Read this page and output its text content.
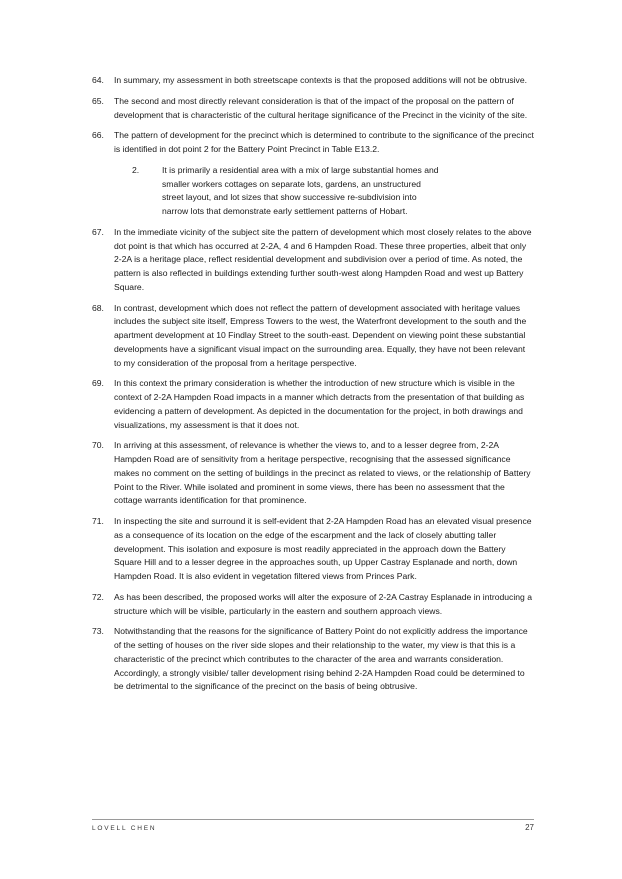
64.	In summary, my assessment in both streetscape contexts is that the proposed additions will not be obtrusive.
65.	The second and most directly relevant consideration is that of the impact of the proposal on the pattern of development that is characteristic of the cultural heritage significance of the Precinct in the vicinity of the site.
66.	The pattern of development for the precinct which is determined to contribute to the significance of the precinct is identified in dot point 2 for the Battery Point Precinct in Table E13.2.
2.	It is primarily a residential area with a mix of large substantial homes and smaller workers cottages on separate lots, gardens, an unstructured street layout, and lot sizes that show successive re-subdivision into narrow lots that demonstrate early settlement patterns of Hobart.
67.	In the immediate vicinity of the subject site the pattern of development which most closely relates to the above dot point is that which has occurred at 2-2A, 4 and 6 Hampden Road. These three properties, albeit that only 2-2A is a heritage place, reflect residential development and subdivision over a period of time. As noted, the pattern is also reflected in buildings extending further south-west along Hampden Road and west up Battery Square.
68.	In contrast, development which does not reflect the pattern of development associated with heritage values includes the subject site itself, Empress Towers to the west, the Waterfront development to the south and the apartment development at 10 Findlay Street to the south-east. Dependent on viewing point these substantial developments have a significant visual impact on the surrounding area. Equally, they have not been relevant to my consideration of the proposal from a heritage perspective.
69.	In this context the primary consideration is whether the introduction of new structure which is visible in the context of 2-2A Hampden Road impacts in a manner which detracts from the presentation of that building as evidencing a pattern of development. As depicted in the documentation for the project, in both drawings and visualizations, my assessment is that it does not.
70.	In arriving at this assessment, of relevance is whether the views to, and to a lesser degree from, 2-2A Hampden Road are of sensitivity from a heritage perspective, recognising that the assessed significance makes no comment on the setting of buildings in the precinct as related to views, or the relationship of Battery Point to the River. While isolated and prominent in some views, there has been no assessment that the cottage warrants identification for that prominence.
71.	In inspecting the site and surround it is self-evident that 2-2A Hampden Road has an elevated visual presence as a consequence of its location on the edge of the escarpment and the lack of closely abutting taller development. This isolation and exposure is most readily appreciated in the approach down the Battery Square Hill and to a lesser degree in the approaches south, up Upper Castray Esplanade and north, down Hampden Road. It is also evident in vegetation filtered views from Princes Park.
72.	As has been described, the proposed works will alter the exposure of 2-2A Castray Esplanade in introducing a structure which will be visible, particularly in the eastern and southern approach views.
73.	Notwithstanding that the reasons for the significance of Battery Point do not explicitly address the importance of the setting of houses on the river side slopes and their relationship to the water, my view is that this is a characteristic of the precinct which contributes to the character of the area and warrants consideration. Accordingly, a strongly visible/ taller development rising behind 2-2A Hampden Road could be determined to be detrimental to the significance of the precinct on the basis of being obtrusive.
LOVELL CHEN	27
